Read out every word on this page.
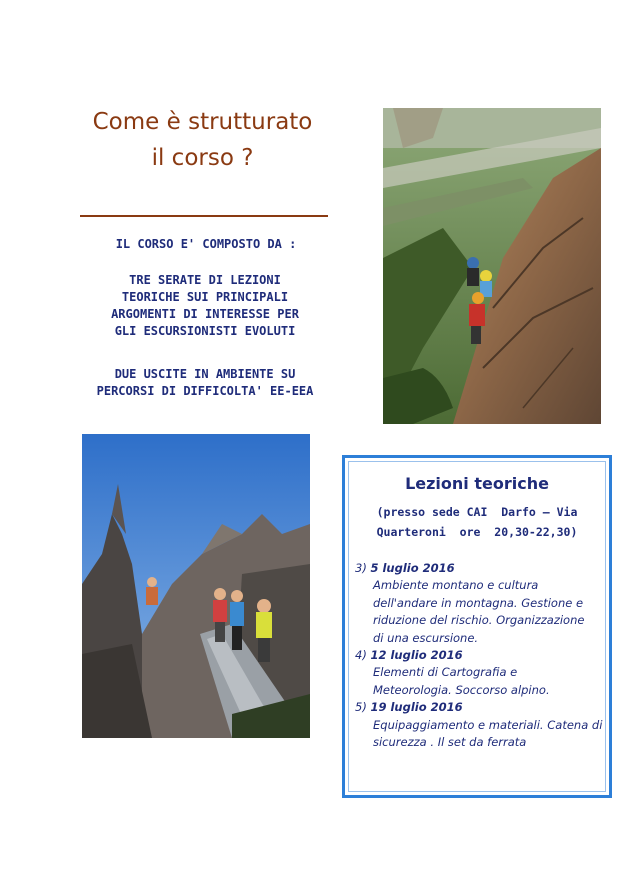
Come è strutturato
il corso ?
IL CORSO E' COMPOSTO DA :
TRE SERATE DI LEZIONI
TEORICHE SUI PRINCIPALI
ARGOMENTI DI INTERESSE PER
GLI ESCURSIONISTI EVOLUTI
DUE USCITE IN AMBIENTE SU
PERCORSI DI DIFFICOLTA' EE-EEA
Lezioni teoriche
(presso sede CAI  Darfo – Via
Quarteroni  ore  20,30-22,30)
3) 5 luglio 2016
Ambiente montano e cultura
dell'andare in montagna. Gestione e
riduzione del rischio. Organizzazione
di una escursione.
4) 12 luglio 2016
Elementi di Cartografia e
Meteorologia. Soccorso alpino.
5) 19 luglio 2016
Equipaggiamento e materiali. Catena di
sicurezza . Il set da ferrata
